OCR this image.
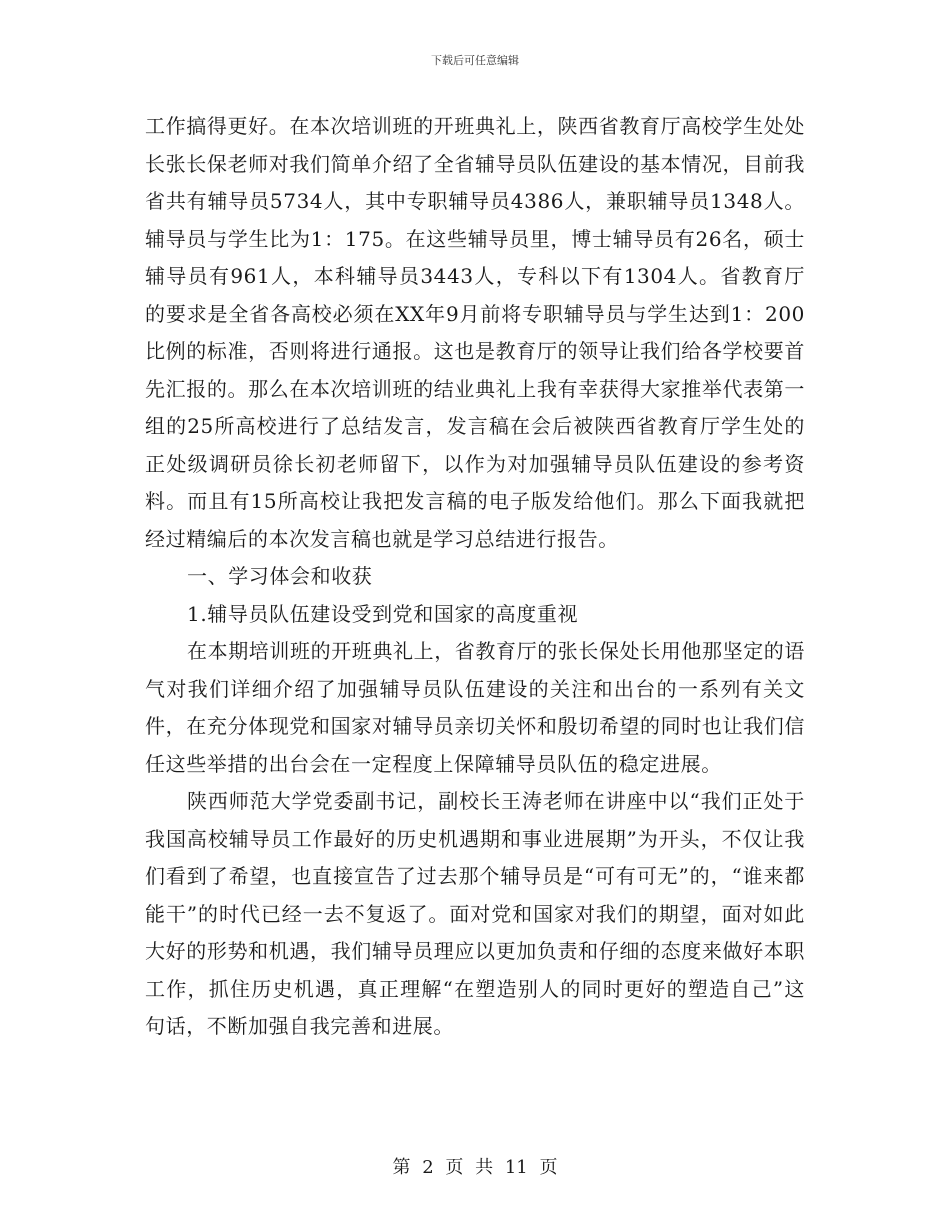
下载后可任意编辑

工作搞得更好。在本次培训班的开班典礼上，陕西省教育厅高校学生处处长张长保老师对我们简单介绍了全省辅导员队伍建设的基本情况，目前我省共有辅导员5734人，其中专职辅导员4386人，兼职辅导员1348人。辅导员与学生比为1：175。在这些辅导员里，博士辅导员有26名，硕士辅导员有961人，本科辅导员3443人，专科以下有1304人。省教育厅的要求是全省各高校必须在XX年9月前将专职辅导员与学生达到1：200比例的标准，否则将进行通报。这也是教育厅的领导让我们给各学校要首先汇报的。那么在本次培训班的结业典礼上我有幸获得大家推举代表第一组的25所高校进行了总结发言，发言稿在会后被陕西省教育厅学生处的正处级调研员徐长初老师留下，以作为对加强辅导员队伍建设的参考资料。而且有15所高校让我把发言稿的电子版发给他们。那么下面我就把经过精编后的本次发言稿也就是学习总结进行报告。

一、学习体会和收获

1.辅导员队伍建设受到党和国家的高度重视

在本期培训班的开班典礼上，省教育厅的张长保处长用他那坚定的语气对我们详细介绍了加强辅导员队伍建设的关注和出台的一系列有关文件，在充分体现党和国家对辅导员亲切关怀和殷切希望的同时也让我们信任这些举措的出台会在一定程度上保障辅导员队伍的稳定进展。

陕西师范大学党委副书记，副校长王涛老师在讲座中以“我们正处于我国高校辅导员工作最好的历史机遇期和事业进展期”为开头，不仅让我们看到了希望，也直接宣告了过去那个辅导员是“可有可无”的，“谁来都能干”的时代已经一去不复返了。面对党和国家对我们的期望，面对如此大好的形势和机遇，我们辅导员理应以更加负责和仔细的态度来做好本职工作，抓住历史机遇，真正理解“在塑造别人的同时更好的塑造自己”这句话，不断加强自我完善和进展。

第 2 页 共 11 页
